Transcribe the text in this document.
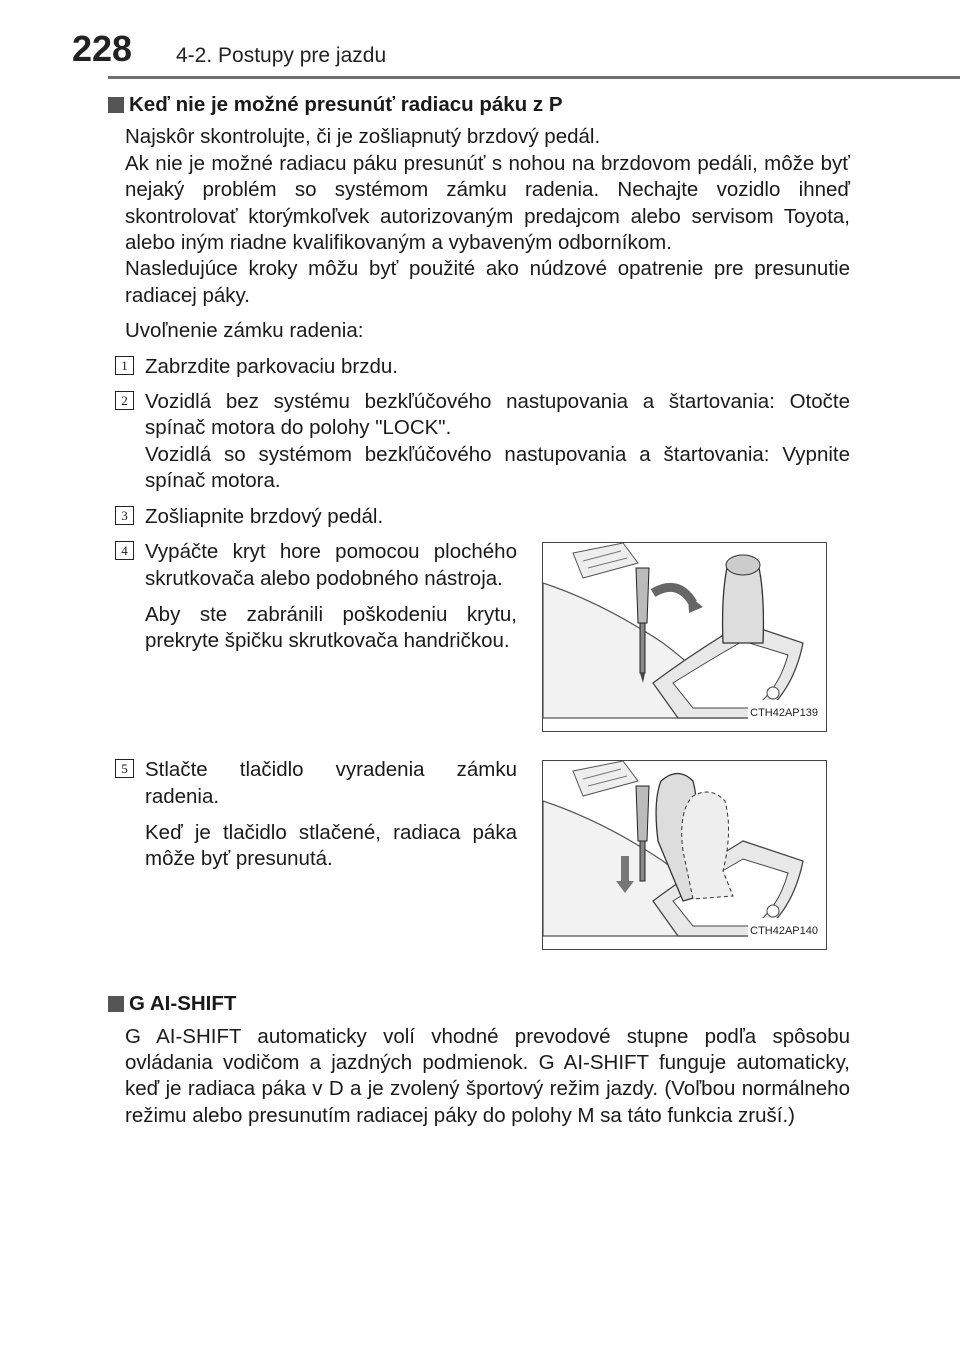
228 4-2. Postupy pre jazdu
Keď nie je možné presunúť radiacu páku z P

Najskôr skontrolujte, či je zošliapnutý brzdový pedál.

Ak nie je možné radiacu páku presunúť s nohou na brzdovom pedáli, môže byť nejaký problém so systémom zámku radenia. Nechajte vozidlo ihneď skontrolovať ktorýmkoľvek autorizovaným predajcom alebo servisom Toyota, alebo iným riadne kvalifikovaným a vybaveným odborníkom.

Nasledujúce kroky môžu byť použité ako núdzové opatrenie pre presunutie radiacej páky.

Uvoľnenie zámku radenia:

1 Zabrzdite parkovaciu brzdu.

2 Vozidlá bez systému bezkľúčového nastupovania a štartovania: Otočte spínač motora do polohy "LOCK".

Vozidlá so systémom bezkľúčového nastupovania a štartovania: Vypnite spínač motora.

3 Zošliapnite brzdový pedál.

4 Vypáčte kryt hore pomocou plochého skrutkovača alebo podobného nástroja.

Aby ste zabránili poškodeniu krytu, prekryte špičku skrutkovača handričkou.

CTH42AP139
5 Stlačte tlačidlo vyradenia zámku radenia.

Keď je tlačidlo stlačené, radiaca páka môže byť presunutá.

CTH42AP140
G AI-SHIFT

G AI-SHIFT automaticky volí vhodné prevodové stupne podľa spôsobu ovládania vodičom a jazdných podmienok. G AI-SHIFT funguje automaticky, keď je radiaca páka v D a je zvolený športový režim jazdy. (Voľbou normálneho režimu alebo presunutím radiacej páky do polohy M sa táto funkcia zruší.)
